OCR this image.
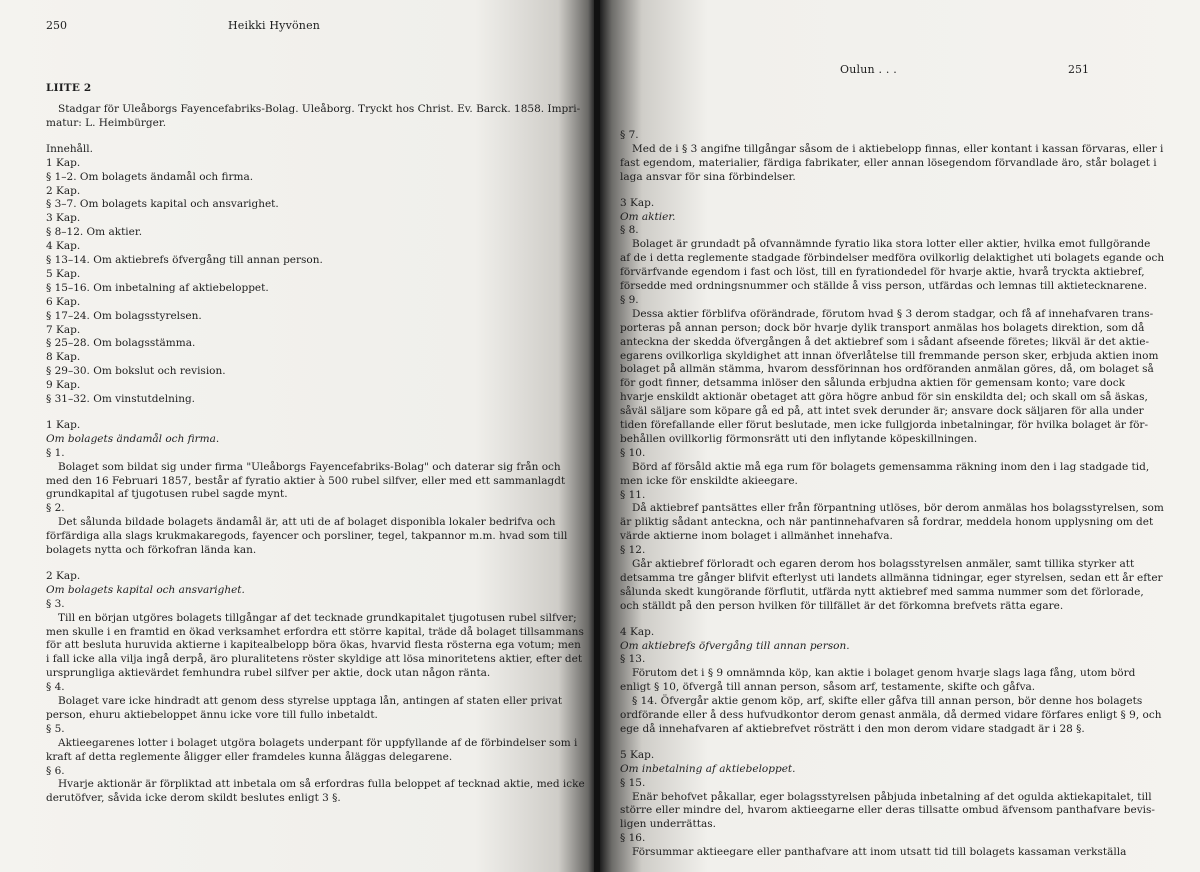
250	Heikki Hyvönen
LIITE 2
Stadgar för Uleåborgs Fayencefabriks-Bolag. Uleåborg. Tryckt hos Christ. Ev. Barck. 1858. Impri-
matur: L. Heimbürger.
Innehåll.
1 Kap.
§ 1–2. Om bolagets ändamål och firma.
2 Kap.
§ 3–7. Om bolagets kapital och ansvarighet.
3 Kap.
§ 8–12. Om aktier.
4 Kap.
§ 13–14. Om aktiebrefs öfvergång till annan person.
5 Kap.
§ 15–16. Om inbetalning af aktiebeloppet.
6 Kap.
§ 17–24. Om bolagsstyrelsen.
7 Kap.
§ 25–28. Om bolagsstämma.
8 Kap.
§ 29–30. Om bokslut och revision.
9 Kap.
§ 31–32. Om vinstutdelning.
1 Kap.
Om bolagets ändamål och firma.
§ 1.
Bolaget som bildat sig under firma "Uleåborgs Fayencefabriks-Bolag" och daterar sig från och
med den 16 Februari 1857, består af fyratio aktier à 500 rubel silfver, eller med ett sammanlagdt
grundkapital af tjugotusen rubel sagde mynt.
§ 2.
Det sålunda bildade bolagets ändamål är, att uti de af bolaget disponibla lokaler bedrifva och
förfärdiga alla slags krukmakaregods, fayencer och porsliner, tegel, takpannor m.m. hvad som till
bolagets nytta och förkofran lända kan.
2 Kap.
Om bolagets kapital och ansvarighet.
§ 3.
Till en början utgöres bolagets tillgångar af det tecknade grundkapitalet tjugotusen rubel silfver;
men skulle i en framtid en ökad verksamhet erfordra ett större kapital, träde då bolaget tillsammans
för att besluta huruvida aktierne i kapitealbelopp böra ökas, hvarvid flesta rösterna ega votum; men
i fall icke alla vilja ingå derpå, äro pluralitetens röster skyldige att lösa minoritetens aktier, efter det
ursprungliga aktievärdet femhundra rubel silfver per aktie, dock utan någon ränta.
§ 4.
Bolaget vare icke hindradt att genom dess styrelse upptaga lån, antingen af staten eller privat
person, ehuru aktiebeloppet ännu icke vore till fullo inbetaldt.
§ 5.
Aktieegarenes lotter i bolaget utgöra bolagets underpant för uppfyllande af de förbindelser som i
kraft af detta reglemente åligger eller framdeles kunna åläggas delegarene.
§ 6.
Hvarje aktionär är förpliktad att inbetala om så erfordras fulla beloppet af tecknad aktie, med icke
derutöfver, såvida icke derom skildt beslutes enligt 3 §.
Oulun . . .	251
§ 7.
Med de i § 3 angifne tillgångar såsom de i aktiebelopp finnas, eller kontant i kassan förvaras, eller i
fast egendom, materialier, färdiga fabrikater, eller annan lösegendom förvandlade äro, står bolaget i
laga ansvar för sina förbindelser.
3 Kap.
Om aktier.
§ 8.
Bolaget är grundadt på ofvannämnde fyratio lika stora lotter eller aktier, hvilka emot fullgörande
af de i detta reglemente stadgade förbindelser medföra ovilkorlig delaktighet uti bolagets egande och
förvärfvande egendom i fast och löst, till en fyrationdedel för hvarje aktie, hvarå tryckta aktiebref,
försedde med ordningsnummer och ställde å viss person, utfärdas och lemnas till aktietecknarene.
§ 9.
Dessa aktier förblifva oförändrade, förutom hvad § 3 derom stadgar, och få af innehafvaren trans-
porteras på annan person; dock bör hvarje dylik transport anmälas hos bolagets direktion, som då
anteckna der skedda öfvergången å det aktiebref som i sådant afseende företes; likväl är det aktie-
egarens ovilkorliga skyldighet att innan öfverlåtelse till fremmande person sker, erbjuda aktien inom
bolaget på allmän stämma, hvarom dessförinnan hos ordföranden anmälan göres, då, om bolaget så
för godt finner, detsamma inlöser den sålunda erbjudna aktien för gemensam konto; vare dock
hvarje enskildt aktionär obetaget att göra högre anbud för sin enskildta del; och skall om så äskas,
såväl säljare som köpare gå ed på, att intet svek derunder är; ansvare dock säljaren för alla under
tiden förefallande eller förut beslutade, men icke fullgjorda inbetalningar, för hvilka bolaget är för-
behållen ovillkorlig förmonsrätt uti den inflytande köpeskillningen.
§ 10.
Börd af försåld aktie må ega rum för bolagets gemensamma räkning inom den i lag stadgade tid,
men icke för enskildte akieegare.
§ 11.
Då aktiebref pantsättes eller från förpantning utlöses, bör derom anmälas hos bolagsstyrelsen, som
är pliktig sådant anteckna, och när pantinnehafvaren så fordrar, meddela honom upplysning om det
värde aktierne inom bolaget i allmänhet innehafva.
§ 12.
Går aktiebref förloradt och egaren derom hos bolagsstyrelsen anmäler, samt tillika styrker att
detsamma tre gånger blifvit efterlyst uti landets allmänna tidningar, eger styrelsen, sedan ett år efter
sålunda skedt kungörande förflutit, utfärda nytt aktiebref med samma nummer som det förlorade,
och ställdt på den person hvilken för tillfället är det förkomna brefvets rätta egare.
4 Kap.
Om aktiebrefs öfvergång till annan person.
§ 13.
Förutom det i § 9 omnämnda köp, kan aktie i bolaget genom hvarje slags laga fång, utom börd
enligt § 10, öfvergå till annan person, såsom arf, testamente, skifte och gåfva.
§ 14. Öfvergår aktie genom köp, arf, skifte eller gåfva till annan person, bör denne hos bolagets
ordförande eller å dess hufvudkontor derom genast anmäla, då dermed vidare förfares enligt § 9, och
ege då innehafvaren af aktiebrefvet rösträtt i den mon derom vidare stadgadt är i 28 §.
5 Kap.
Om inbetalning af aktiebeloppet.
§ 15.
Enär behofvet påkallar, eger bolagsstyrelsen påbjuda inbetalning af det ogulda aktiekapitalet, till
större eller mindre del, hvarom aktieegarne eller deras tillsatte ombud äfvensom panthafvare bevis-
ligen underrättas.
§ 16.
Försummar aktieegare eller panthafvare att inom utsatt tid till bolagets kassaman verkställa
